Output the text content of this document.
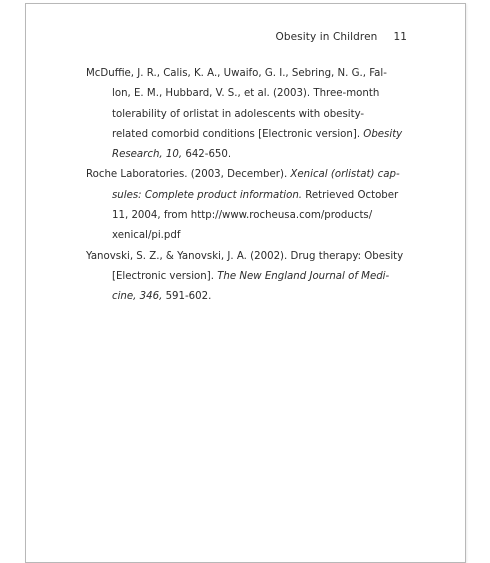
Obesity in Children 11

McDuffie, J. R., Calis, K. A., Uwaifo, G. I., Sebring, N. G., Fal-
lon, E. M., Hubbard, V. S., et al. (2003). Three-month
tolerability of orlistat in adolescents with obesity-
related comorbid conditions [Electronic version]. Obesity
Research, 10, 642-650.

Roche Laboratories. (2003, December). Xenical (orlistat) cap-
sules: Complete product information. Retrieved October
11, 2004, from http://www.rocheusa.com/products/
xenical/pi.pdf

Yanovski, S. Z., & Yanovski, J. A. (2002). Drug therapy: Obesity
[Electronic version]. The New England Journal of Medi-
cine, 346, 591-602.
